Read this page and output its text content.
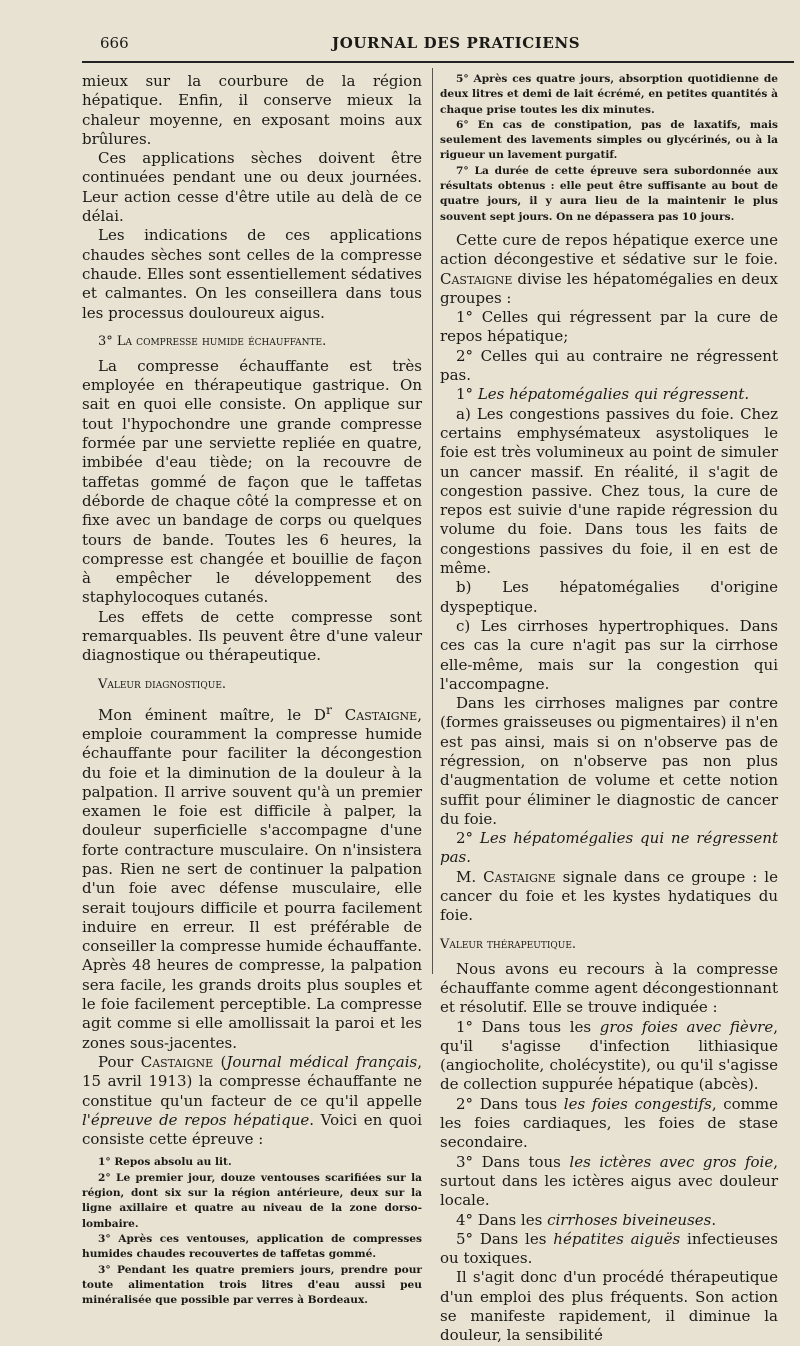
666	JOURNAL DES PRATICIENS

mieux sur la courbure de la région hépatique. Enfin, il conserve mieux la chaleur moyenne, en exposant moins aux brûlures.

Ces applications sèches doivent être continuées pendant une ou deux journées. Leur action cesse d'être utile au delà de ce délai.

Les indications de ces applications chaudes sèches sont celles de la compresse chaude. Elles sont essentiellement sédatives et calmantes. On les conseillera dans tous les processus douloureux aigus.

3° La compresse humide échauffante.

La compresse échauffante est très employée en thérapeutique gastrique. On sait en quoi elle consiste. On applique sur tout l'hypochondre une grande compresse formée par une serviette repliée en quatre, imbibée d'eau tiède; on la recouvre de taffetas gommé de façon que le taffetas déborde de chaque côté la compresse et on fixe avec un bandage de corps ou quelques tours de bande. Toutes les 6 heures, la compresse est changée et bouillie de façon à empêcher le développement des staphylocoques cutanés.

Les effets de cette compresse sont remarquables. Ils peuvent être d'une valeur diagnostique ou thérapeutique.

Valeur diagnostique.

Mon éminent maître, le $D^r$ Castaigne, emploie couramment la compresse humide échauffante pour faciliter la décongestion du foie et la diminution de la douleur à la palpation. Il arrive souvent qu'à un premier examen le foie est difficile à palper, la douleur superficielle s'accompagne d'une forte contracture musculaire. On n'insistera pas. Rien ne sert de continuer la palpation d'un foie avec défense musculaire, elle serait toujours difficile et pourra facilement induire en erreur. Il est préférable de conseiller la compresse humide échauffante. Après 48 heures de compresse, la palpation sera facile, les grands droits plus souples et le foie facilement perceptible. La compresse agit comme si elle amollissait la paroi et les zones sous-jacentes.

Pour Castaigne (Journal médical français, 15 avril 1913) la compresse échauffante ne constitue qu'un facteur de ce qu'il appelle l'épreuve de repos hépatique. Voici en quoi consiste cette épreuve :

1° Repos absolu au lit.

2° Le premier jour, douze ventouses scarifiées sur la région, dont six sur la région antérieure, deux sur la ligne axillaire et quatre au niveau de la zone dorso-lombaire.

3° Après ces ventouses, application de compresses humides chaudes recouvertes de taffetas gommé.

3° Pendant les quatre premiers jours, prendre pour toute alimentation trois litres d'eau aussi peu minéralisée que possible par verres à Bordeaux.

5° Après ces quatre jours, absorption quotidienne de deux litres et demi de lait écrémé, en petites quantités à chaque prise toutes les dix minutes.

6° En cas de constipation, pas de laxatifs, mais seulement des lavements simples ou glycérinés, ou à la rigueur un lavement purgatif.

7° La durée de cette épreuve sera subordonnée aux résultats obtenus : elle peut être suffisante au bout de quatre jours, il y aura lieu de la maintenir le plus souvent sept jours. On ne dépassera pas 10 jours.

Cette cure de repos hépatique exerce une action décongestive et sédative sur le foie. Castaigne divise les hépatomégalies en deux groupes :

1° Celles qui régressent par la cure de repos hépatique;

2° Celles qui au contraire ne régressent pas.

1° Les hépatomégalies qui régressent.

a) Les congestions passives du foie. Chez certains emphysémateux asystoliques le foie est très volumineux au point de simuler un cancer massif. En réalité, il s'agit de congestion passive. Chez tous, la cure de repos est suivie d'une rapide régression du volume du foie. Dans tous les faits de congestions passives du foie, il en est de même.

b) Les hépatomégalies d'origine dyspeptique.

c) Les cirrhoses hypertrophiques. Dans ces cas la cure n'agit pas sur la cirrhose elle-même, mais sur la congestion qui l'accompagne.

Dans les cirrhoses malignes par contre (formes graisseuses ou pigmentaires) il n'en est pas ainsi, mais si on n'observe pas de régression, on n'observe pas non plus d'augmentation de volume et cette notion suffit pour éliminer le diagnostic de cancer du foie.

2° Les hépatomégalies qui ne régressent pas.

M. Castaigne signale dans ce groupe : le cancer du foie et les kystes hydatiques du foie.

Valeur thérapeutique.

Nous avons eu recours à la compresse échauffante comme agent décongestionnant et résolutif. Elle se trouve indiquée :

1° Dans tous les gros foies avec fièvre, qu'il s'agisse d'infection lithiasique (angiocholite, cholécystite), ou qu'il s'agisse de collection suppurée hépatique (abcès).

2° Dans tous les foies congestifs, comme les foies cardiaques, les foies de stase secondaire.

3° Dans tous les ictères avec gros foie, surtout dans les ictères aigus avec douleur locale.

4° Dans les cirrhoses biveineuses.

5° Dans les hépatites aiguës infectieuses ou toxiques.

Il s'agit donc d'un procédé thérapeutique d'un emploi des plus fréquents. Son action se manifeste rapidement, il diminue la douleur, la sensibilité
